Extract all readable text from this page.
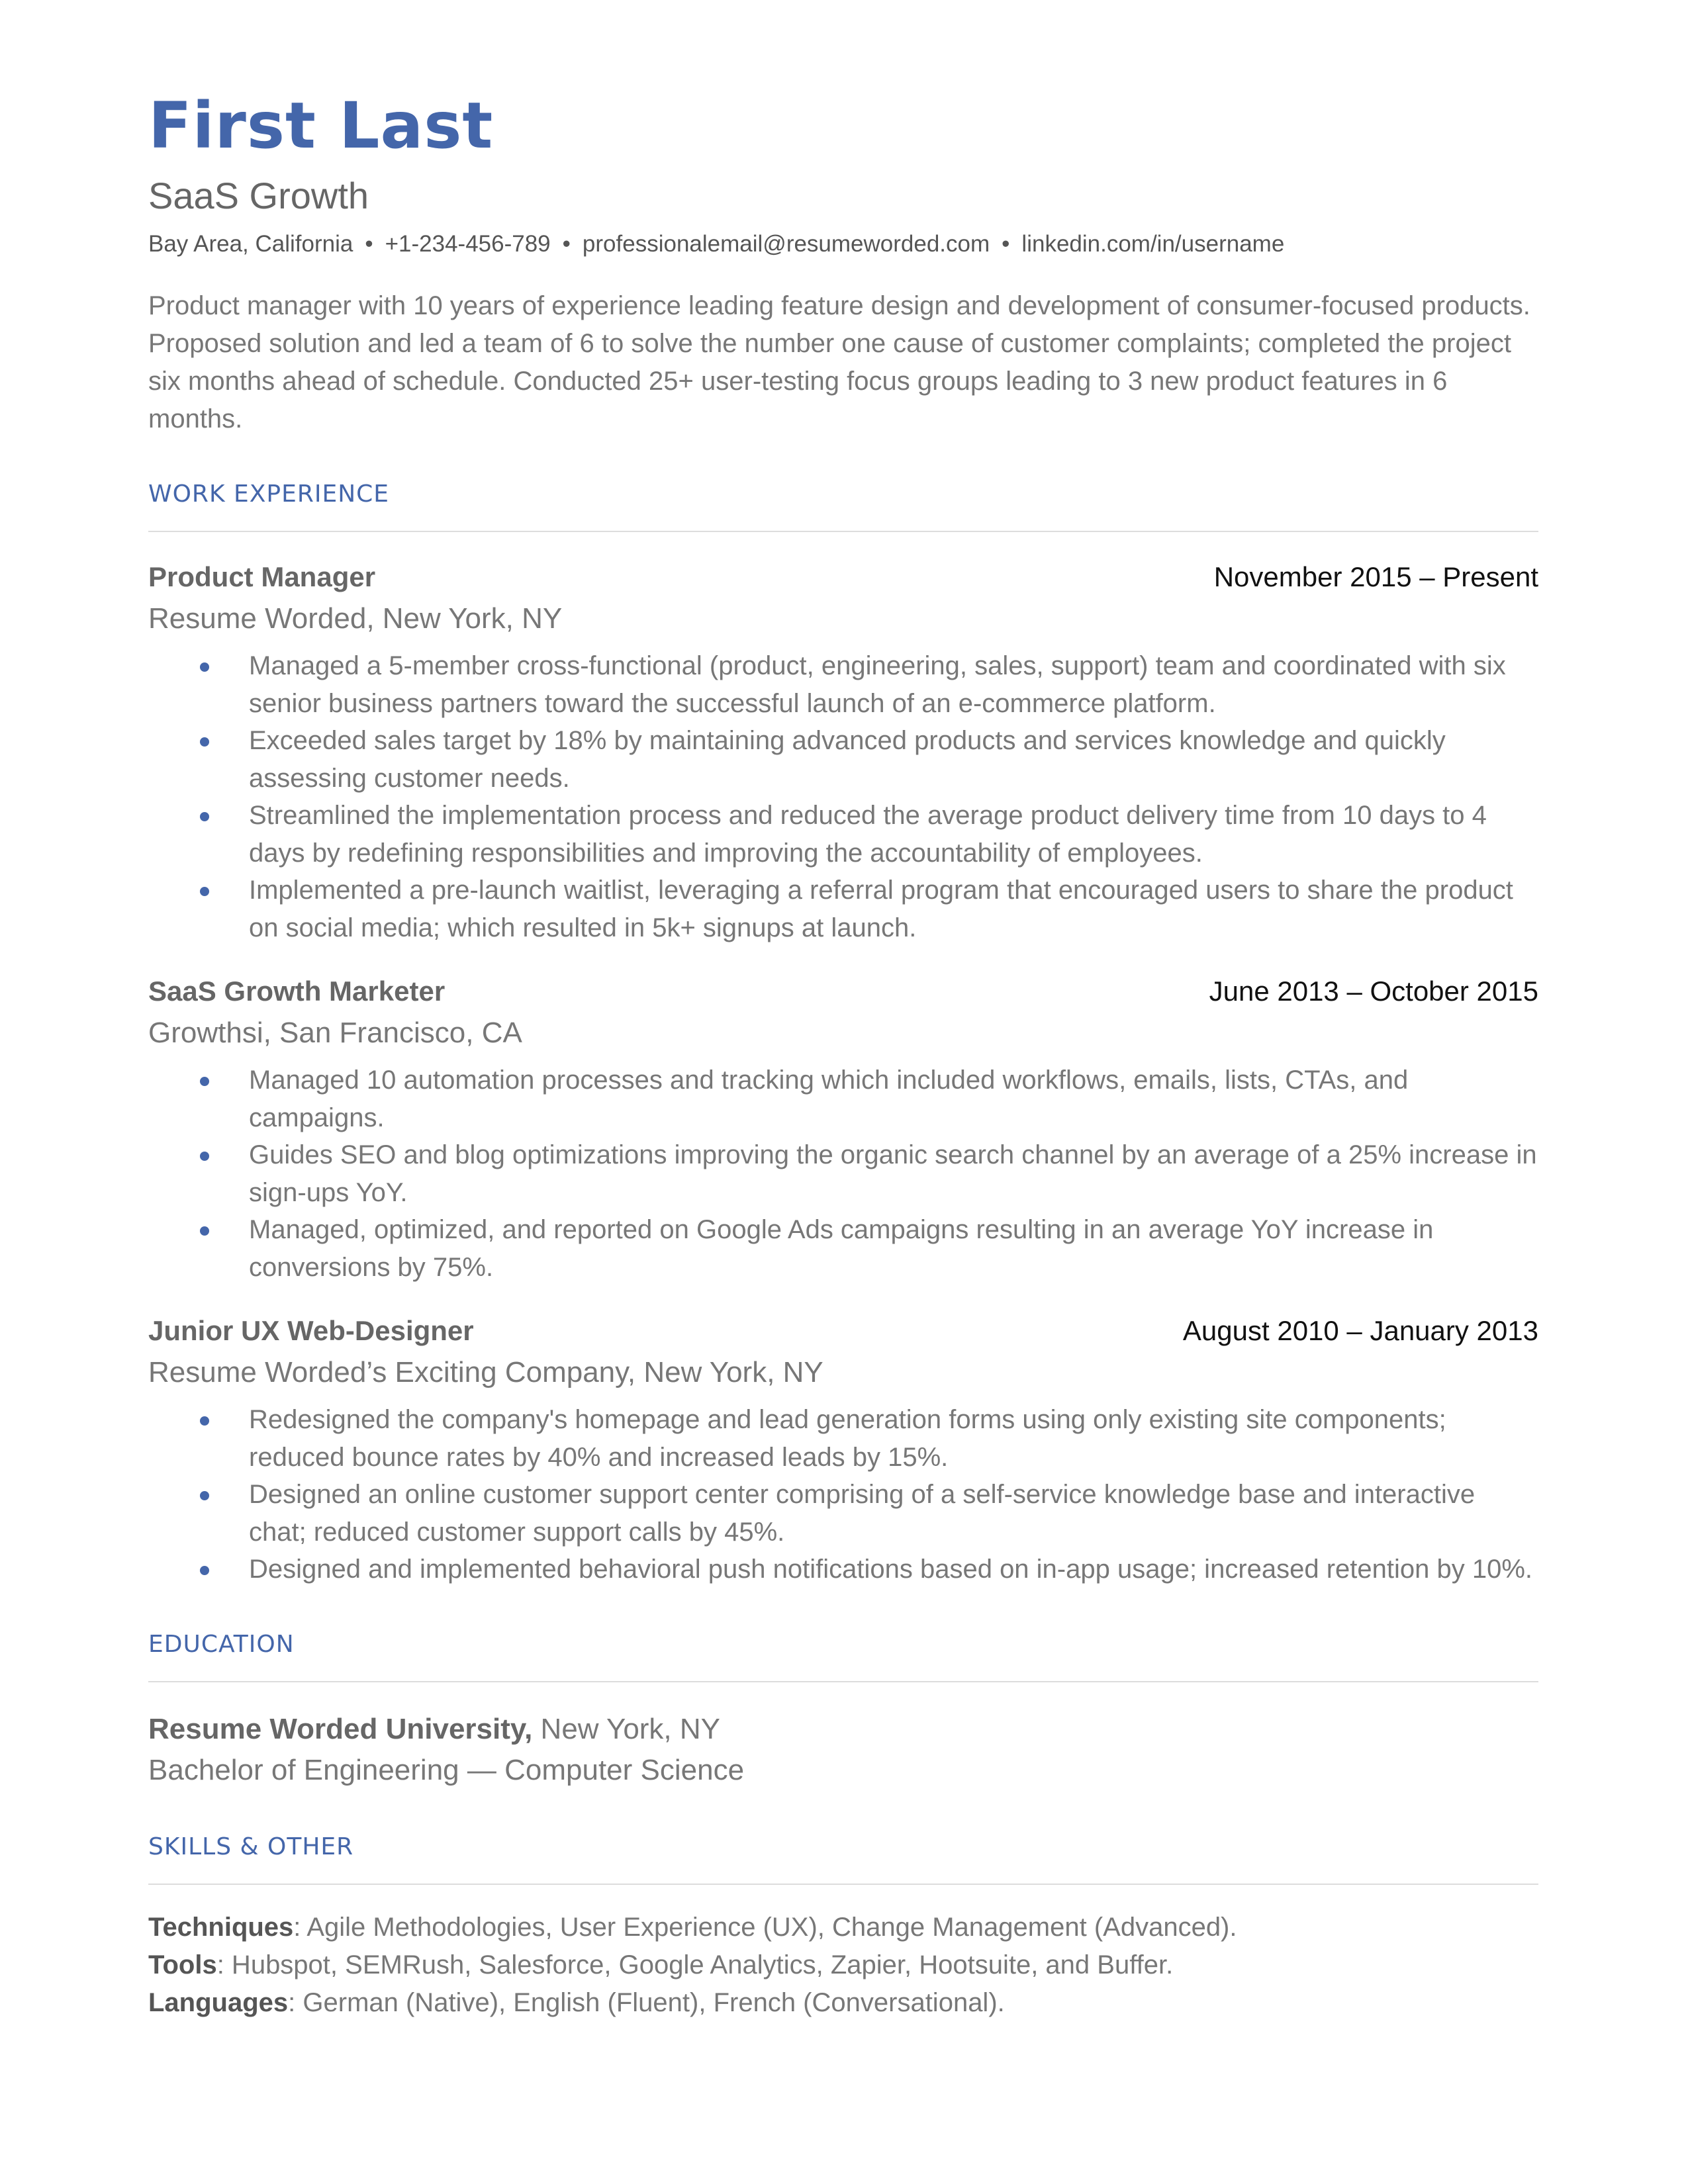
First Last
SaaS Growth
Bay Area, California • +1-234-456-789 • professionalemail@resumeworded.com • linkedin.com/in/username
Product manager with 10 years of experience leading feature design and development of consumer-focused products. Proposed solution and led a team of 6 to solve the number one cause of customer complaints; completed the project six months ahead of schedule. Conducted 25+ user-testing focus groups leading to 3 new product features in 6 months.
WORK EXPERIENCE
Product Manager	November 2015 – Present
Resume Worded, New York, NY
Managed a 5-member cross-functional (product, engineering, sales, support) team and coordinated with six senior business partners toward the successful launch of an e-commerce platform.
Exceeded sales target by 18% by maintaining advanced products and services knowledge and quickly assessing customer needs.
Streamlined the implementation process and reduced the average product delivery time from 10 days to 4 days by redefining responsibilities and improving the accountability of employees.
Implemented a pre-launch waitlist, leveraging a referral program that encouraged users to share the product on social media; which resulted in 5k+ signups at launch.
SaaS Growth Marketer	June 2013 – October 2015
Growthsi, San Francisco, CA
Managed 10 automation processes and tracking which included workflows, emails, lists, CTAs, and campaigns.
Guides SEO and blog optimizations improving the organic search channel by an average of a 25% increase in sign-ups YoY.
Managed, optimized, and reported on Google Ads campaigns resulting in an average YoY increase in conversions by 75%.
Junior UX Web-Designer	August 2010 – January 2013
Resume Worded’s Exciting Company, New York, NY
Redesigned the company's homepage and lead generation forms using only existing site components; reduced bounce rates by 40% and increased leads by 15%.
Designed an online customer support center comprising of a self-service knowledge base and interactive chat; reduced customer support calls by 45%.
Designed and implemented behavioral push notifications based on in-app usage; increased retention by 10%.
EDUCATION
Resume Worded University, New York, NY
Bachelor of Engineering — Computer Science
SKILLS & OTHER
Techniques: Agile Methodologies, User Experience (UX), Change Management (Advanced).
Tools: Hubspot, SEMRush, Salesforce, Google Analytics, Zapier, Hootsuite, and Buffer.
Languages: German (Native), English (Fluent), French (Conversational).
